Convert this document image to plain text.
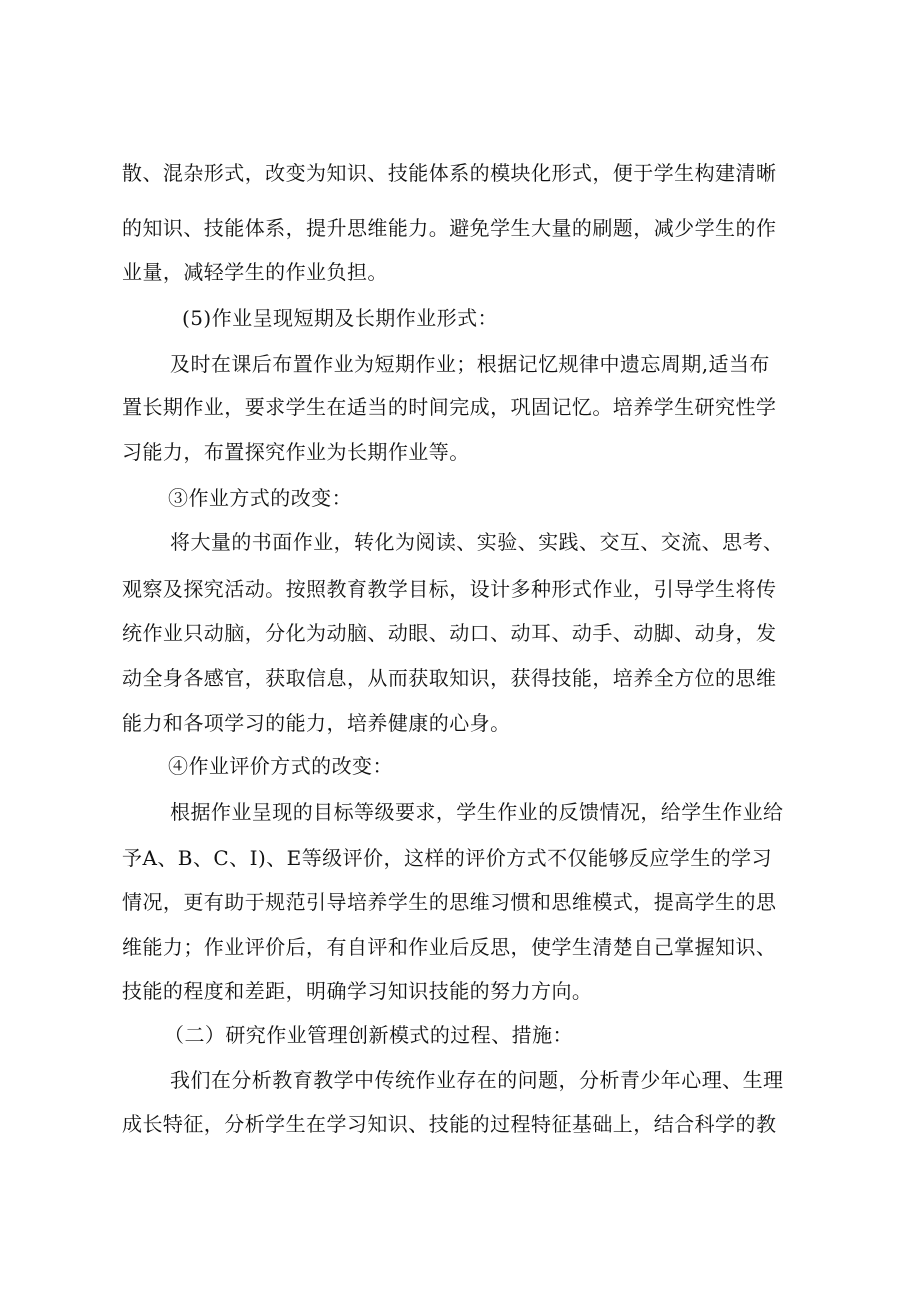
散、混杂形式，改变为知识、技能体系的模块化形式，便于学生构建清晰
的知识、技能体系，提升思维能力。避免学生大量的刷题，减少学生的作
业量，减轻学生的作业负担。
(5)作业呈现短期及长期作业形式：
及时在课后布置作业为短期作业；根据记忆规律中遗忘周期,适当布
置长期作业，要求学生在适当的时间完成，巩固记忆。培养学生研究性学
习能力，布置探究作业为长期作业等。
③作业方式的改变：
将大量的书面作业，转化为阅读、实验、实践、交互、交流、思考、
观察及探究活动。按照教育教学目标，设计多种形式作业，引导学生将传
统作业只动脑，分化为动脑、动眼、动口、动耳、动手、动脚、动身，发
动全身各感官，获取信息，从而获取知识，获得技能，培养全方位的思维
能力和各项学习的能力，培养健康的心身。
④作业评价方式的改变：
根据作业呈现的目标等级要求，学生作业的反馈情况，给学生作业给
予A、B、C、I)、E等级评价，这样的评价方式不仅能够反应学生的学习
情况，更有助于规范引导培养学生的思维习惯和思维模式，提高学生的思
维能力；作业评价后，有自评和作业后反思，使学生清楚自己掌握知识、
技能的程度和差距，明确学习知识技能的努力方向。
（二）研究作业管理创新模式的过程、措施：
我们在分析教育教学中传统作业存在的问题，分析青少年心理、生理
成长特征，分析学生在学习知识、技能的过程特征基础上，结合科学的教
